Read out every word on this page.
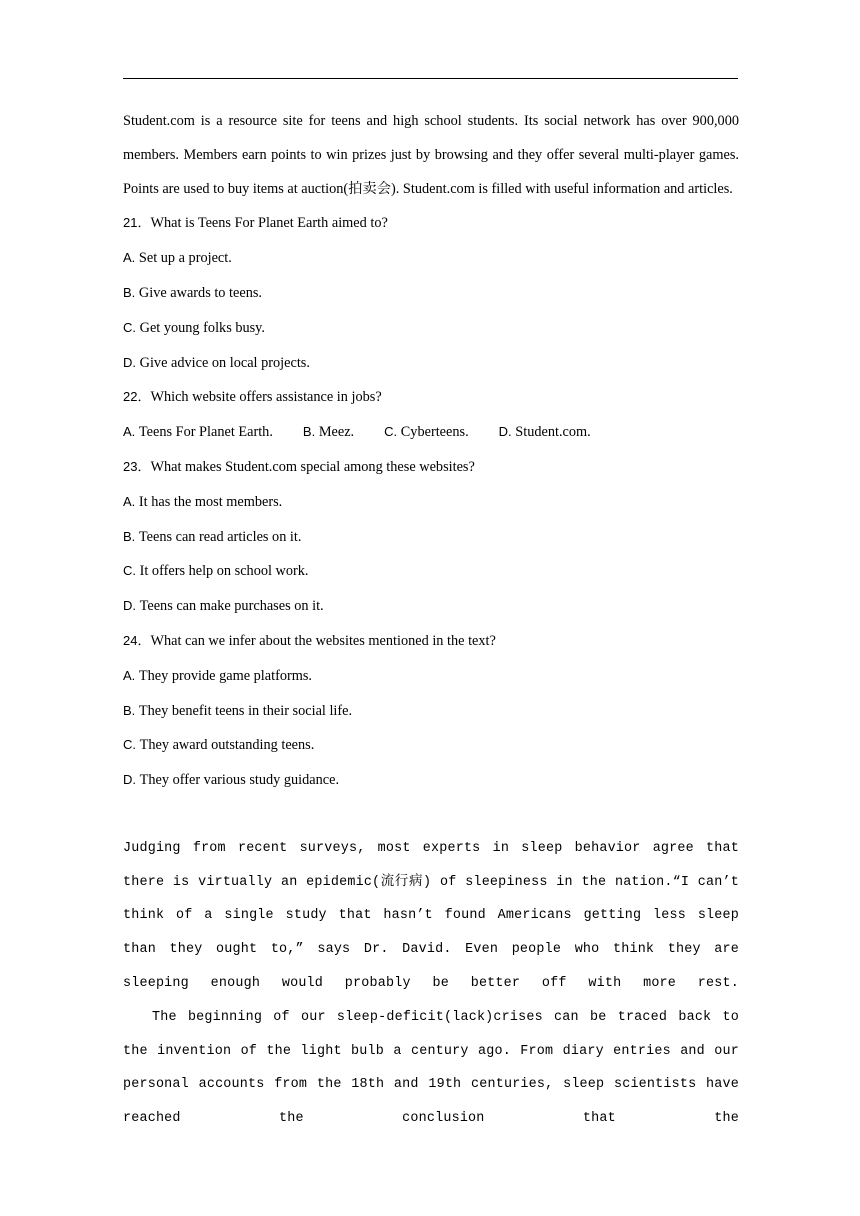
Student.com is a resource site for teens and high school students. Its social network has over 900,000 members. Members earn points to win prizes just by browsing and they offer several multi-player games. Points are used to buy items at auction(拍卖会). Student.com is filled with useful information and articles.

21．What is Teens For Planet Earth aimed to?
A. Set up a project.
B. Give awards to teens.
C. Get young folks busy.
D. Give advice on local projects.
22．Which website offers assistance in jobs?
A. Teens For Planet Earth. B. Meez. C. Cyberteens. D. Student.com.
23．What makes Student.com special among these websites?
A. It has the most members.
B. Teens can read articles on it.
C. It offers help on school work.
D. Teens can make purchases on it.
24．What can we infer about the websites mentioned in the text?
A. They provide game platforms.
B. They benefit teens in their social life.
C. They award outstanding teens.
D. They offer various study guidance.

Judging from recent surveys, most experts in sleep behavior agree that there is virtually an epidemic(流行病) of sleepiness in the nation.“I can’t think of a single study that hasn’t found Americans getting less sleep than they ought to,” says Dr. David. Even people who think they are sleeping enough would probably be better off with more rest.

The beginning of our sleep-deficit(lack)crises can be traced back to the invention of the light bulb a century ago. From diary entries and our personal accounts from the 18th and 19th centuries, sleep scientists have reached the conclusion that the
